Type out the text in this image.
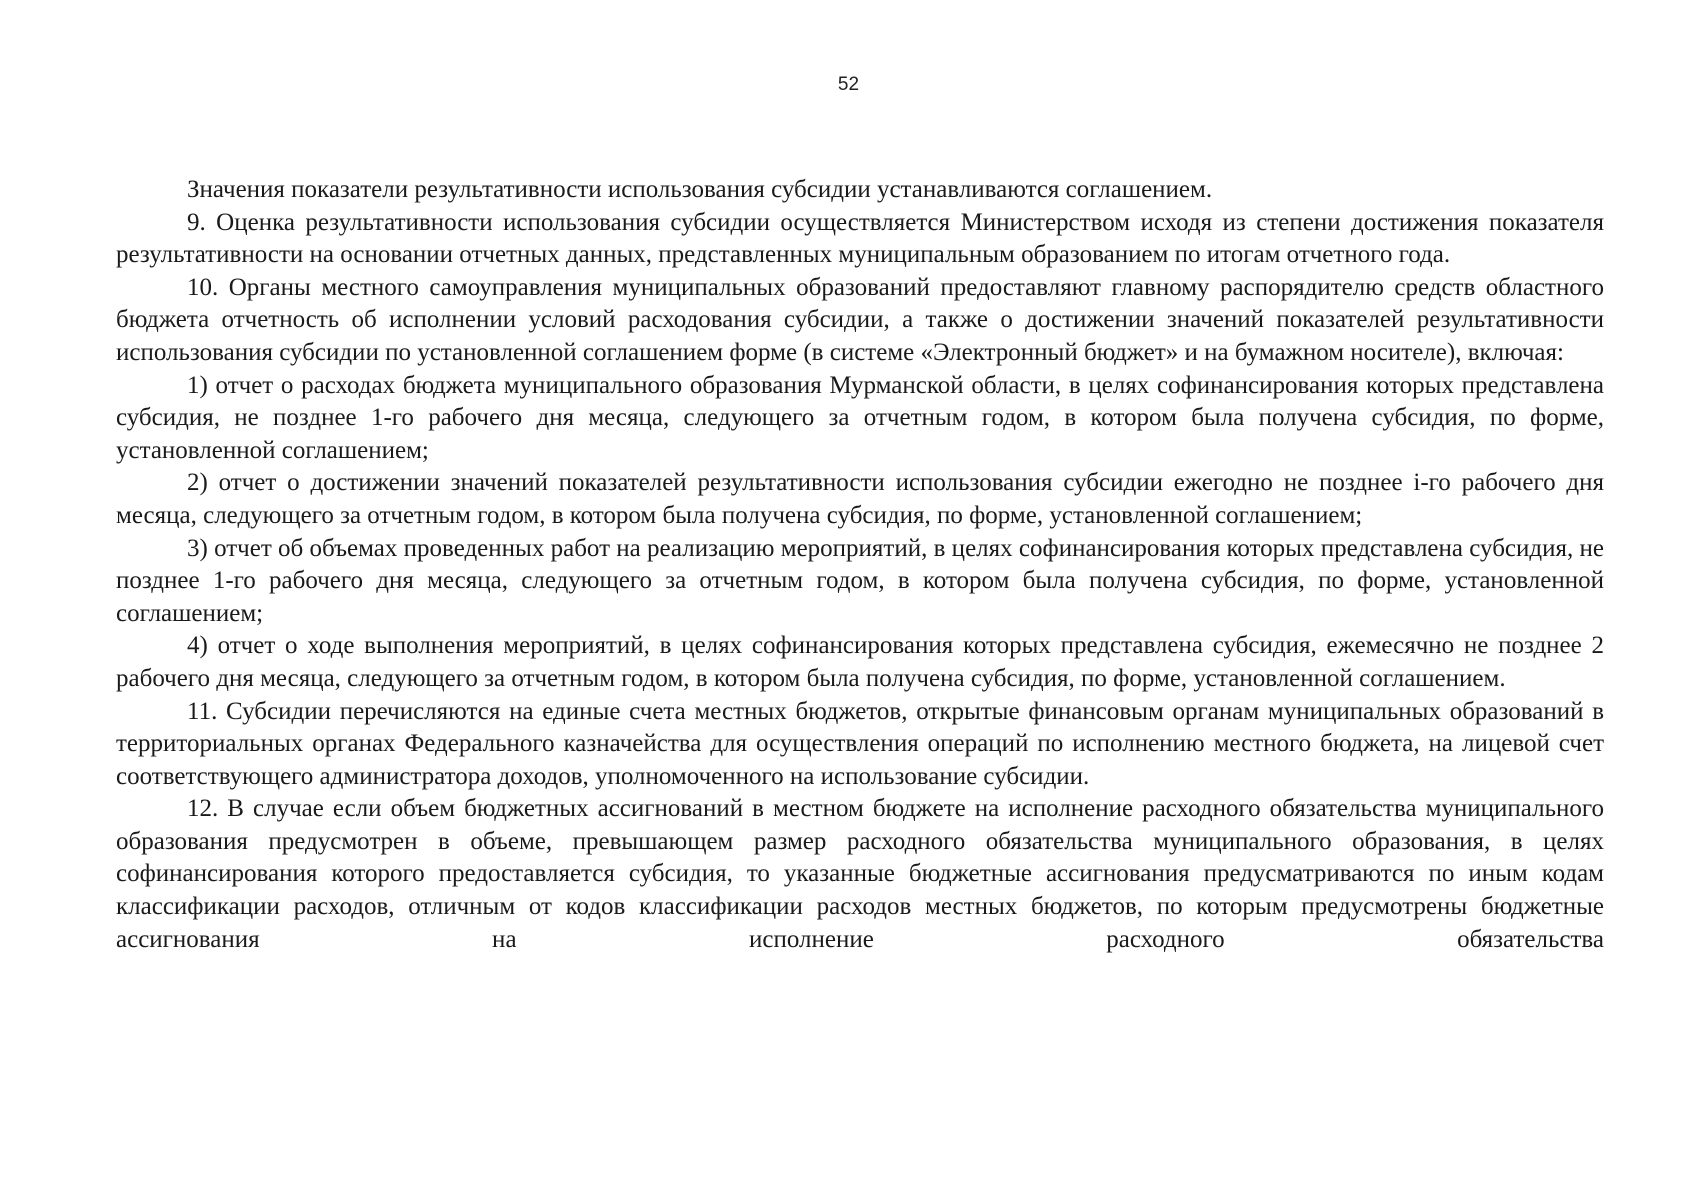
52

Значения показатели результативности использования субсидии устанавливаются соглашением.

9. Оценка результативности использования субсидии осуществляется Министерством исходя из степени достижения показателя результативности на основании отчетных данных, представленных муниципальным образованием по итогам отчетного года.

10. Органы местного самоуправления муниципальных образований предоставляют главному распорядителю средств областного бюджета отчетность об исполнении условий расходования субсидии, а также о достижении значений показателей результативности использования субсидии по установленной соглашением форме (в системе «Электронный бюджет» и на бумажном носителе), включая:

1) отчет о расходах бюджета муниципального образования Мурманской области, в целях софинансирования которых представлена субсидия, не позднее 1-го рабочего дня месяца, следующего за отчетным годом, в котором была получена субсидия, по форме, установленной соглашением;

2) отчет о достижении значений показателей результативности использования субсидии ежегодно не позднее i-го рабочего дня месяца, следующего за отчетным годом, в котором была получена субсидия, по форме, установленной соглашением;

3) отчет об объемах проведенных работ на реализацию мероприятий, в целях софинансирования которых представлена субсидия, не позднее 1-го рабочего дня месяца, следующего за отчетным годом, в котором была получена субсидия, по форме, установленной соглашением;

4) отчет о ходе выполнения мероприятий, в целях софинансирования которых представлена субсидия, ежемесячно не позднее 2 рабочего дня месяца, следующего за отчетным годом, в котором была получена субсидия, по форме, установленной соглашением.

11. Субсидии перечисляются на единые счета местных бюджетов, открытые финансовым органам муниципальных образований в территориальных органах Федерального казначейства для осуществления операций по исполнению местного бюджета, на лицевой счет соответствующего администратора доходов, уполномоченного на использование субсидии.

12. В случае если объем бюджетных ассигнований в местном бюджете на исполнение расходного обязательства муниципального образования предусмотрен в объеме, превышающем размер расходного обязательства муниципального образования, в целях софинансирования которого предоставляется субсидия, то указанные бюджетные ассигнования предусматриваются по иным кодам классификации расходов, отличным от кодов классификации расходов местных бюджетов, по которым предусмотрены бюджетные ассигнования на исполнение расходного обязательства
